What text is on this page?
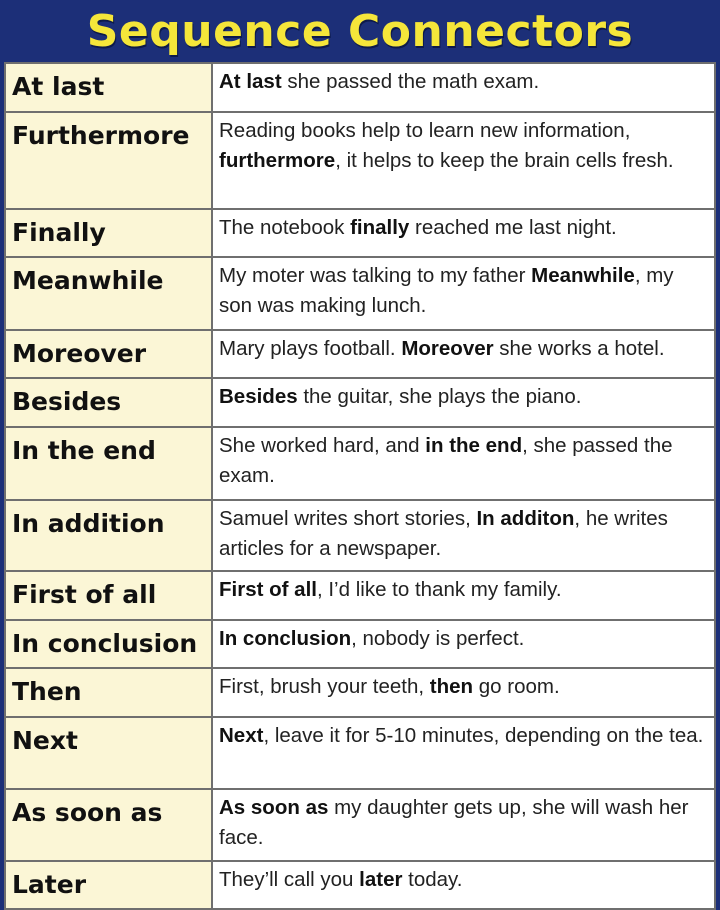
Sequence Connectors
At last	At last she passed the math exam.
Furthermore	Reading books help to learn new information, furthermore, it helps to keep the brain cells fresh.
Finally	The notebook finally reached me last night.
Meanwhile	My moter was talking to my father Meanwhile, my son was making lunch.
Moreover	Mary plays football. Moreover she works a hotel.
Besides	Besides the guitar, she plays the piano.
In the end	She worked hard, and in the end, she passed the exam.
In addition	Samuel writes short stories, In additon, he writes articles for a newspaper.
First of all	First of all, I’d like to thank my family.
In conclusion	In conclusion, nobody is perfect.
Then	First, brush your teeth, then go room.
Next	Next, leave it for 5-10 minutes, depending on the tea.
As soon as	As soon as my daughter gets up, she will wash her face.
Later	They’ll call you later today.
